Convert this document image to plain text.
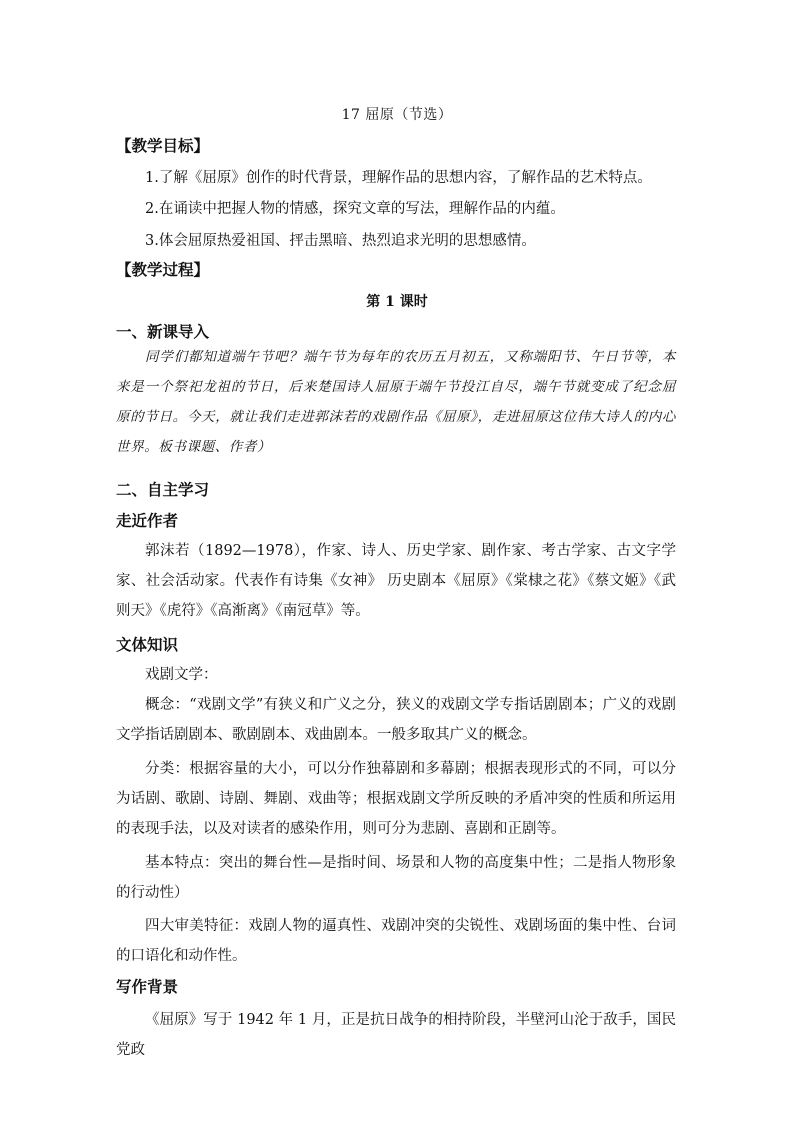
17 屈原（节选）
【教学目标】
1.了解《屈原》创作的时代背景，理解作品的思想内容，了解作品的艺术特点。
2.在诵读中把握人物的情感，探究文章的写法，理解作品的内蕴。
3.体会屈原热爱祖国、抨击黑暗、热烈追求光明的思想感情。
【教学过程】
第 1 课时
一、新课导入
同学们都知道端午节吧？端午节为每年的农历五月初五，又称端阳节、午日节等，本来是一个祭祀龙祖的节日，后来楚国诗人屈原于端午节投江自尽，端午节就变成了纪念屈原的节日。今天，就让我们走进郭沫若的戏剧作品《屈原》，走进屈原这位伟大诗人的内心世界。板书课题、作者）
二、自主学习
走近作者
郭沫若（1892—1978），作家、诗人、历史学家、剧作家、考古学家、古文字学家、社会活动家。代表作有诗集《女神》 历史剧本《屈原》《棠棣之花》《蔡文姬》《武则天》《虎符》《高渐离》《南冠草》等。
文体知识
戏剧文学：
概念：“戏剧文学”有狭义和广义之分，狭义的戏剧文学专指话剧剧本；广义的戏剧文学指话剧剧本、歌剧剧本、戏曲剧本。一般多取其广义的概念。
分类：根据容量的大小，可以分作独幕剧和多幕剧；根据表现形式的不同，可以分为话剧、歌剧、诗剧、舞剧、戏曲等；根据戏剧文学所反映的矛盾冲突的性质和所运用的表现手法，以及对读者的感染作用，则可分为悲剧、喜剧和正剧等。
基本特点：突出的舞台性—是指时间、场景和人物的高度集中性；二是指人物形象的行动性）
四大审美特征：戏剧人物的逼真性、戏剧冲突的尖锐性、戏剧场面的集中性、台词的口语化和动作性。
写作背景
《屈原》写于 1942 年 1 月，正是抗日战争的相持阶段，半壁河山沦于敌手，国民党政
